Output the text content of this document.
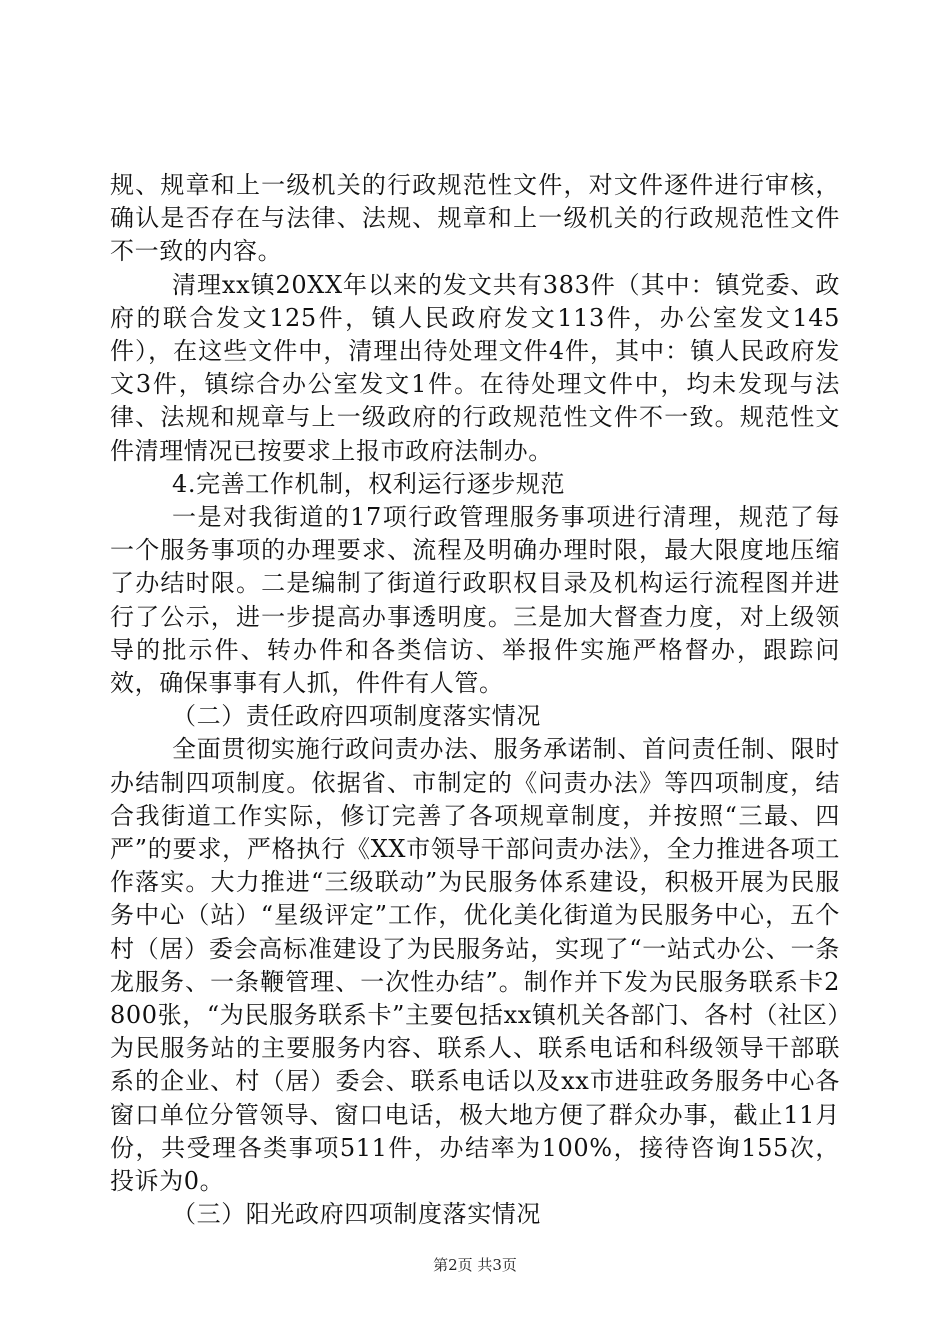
规、规章和上一级机关的行政规范性文件，对文件逐件进行审核，确认是否存在与法律、法规、规章和上一级机关的行政规范性文件不一致的内容。

清理xx镇20XX年以来的发文共有383件（其中：镇党委、政府的联合发文125件，镇人民政府发文113件，办公室发文145件），在这些文件中，清理出待处理文件4件，其中：镇人民政府发文3件，镇综合办公室发文1件。在待处理文件中，均未发现与法律、法规和规章与上一级政府的行政规范性文件不一致。规范性文件清理情况已按要求上报市政府法制办。

4.完善工作机制，权利运行逐步规范

一是对我街道的17项行政管理服务事项进行清理，规范了每一个服务事项的办理要求、流程及明确办理时限，最大限度地压缩了办结时限。二是编制了街道行政职权目录及机构运行流程图并进行了公示，进一步提高办事透明度。三是加大督查力度，对上级领导的批示件、转办件和各类信访、举报件实施严格督办，跟踪问效，确保事事有人抓，件件有人管。

（二）责任政府四项制度落实情况

全面贯彻实施行政问责办法、服务承诺制、首问责任制、限时办结制四项制度。依据省、市制定的《问责办法》等四项制度，结合我街道工作实际，修订完善了各项规章制度，并按照“三最、四严”的要求，严格执行《XX市领导干部问责办法》，全力推进各项工作落实。大力推进“三级联动”为民服务体系建设，积极开展为民服务中心（站）“星级评定”工作，优化美化街道为民服务中心，五个村（居）委会高标准建设了为民服务站，实现了“一站式办公、一条龙服务、一条鞭管理、一次性办结”。制作并下发为民服务联系卡2800张，“为民服务联系卡”主要包括xx镇机关各部门、各村（社区）为民服务站的主要服务内容、联系人、联系电话和科级领导干部联系的企业、村（居）委会、联系电话以及xx市进驻政务服务中心各窗口单位分管领导、窗口电话，极大地方便了群众办事，截止11月份，共受理各类事项511件，办结率为100%，接待咨询155次，投诉为0。

（三）阳光政府四项制度落实情况

第2页 共3页
